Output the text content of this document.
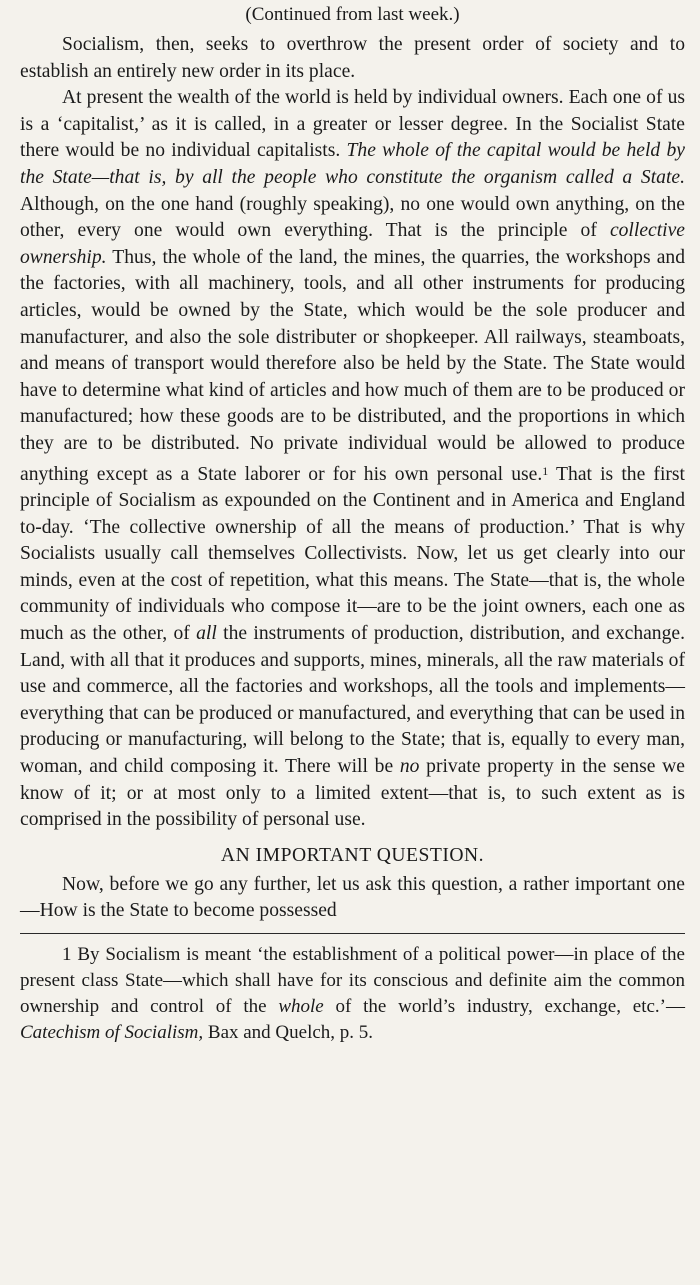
(Continued from last week.)

Socialism, then, seeks to overthrow the present order of society and to establish an entirely new order in its place.

At present the wealth of the world is held by individual owners. Each one of us is a ‘capitalist,’ as it is called, in a greater or lesser degree. In the Socialist State there would be no individual capitalists. The whole of the capital would be held by the State—that is, by all the people who constitute the organism called a State. Although, on the one hand (roughly speaking), no one would own anything, on the other, every one would own everything. That is the principle of collective ownership. Thus, the whole of the land, the mines, the quarries, the workshops and the factories, with all machinery, tools, and all other instruments for producing articles, would be owned by the State, which would be the sole producer and manufacturer, and also the sole distributer or shopkeeper. All railways, steamboats, and means of transport would therefore also be held by the State. The State would have to determine what kind of articles and how much of them are to be produced or manufactured; how these goods are to be distributed, and the proportions in which they are to be distributed. No private individual would be allowed to produce anything except as a State laborer or for his own personal use.$^1$ That is the first principle of Socialism as expounded on the Continent and in America and England to-day. ‘The collective ownership of all the means of production.’ That is why Socialists usually call themselves Collectivists. Now, let us get clearly into our minds, even at the cost of repetition, what this means. The State—that is, the whole community of individuals who compose it—are to be the joint owners, each one as much as the other, of all the instruments of production, distribution, and exchange. Land, with all that it produces and supports, mines, minerals, all the raw materials of use and commerce, all the factories and workshops, all the tools and implements—everything that can be produced or manufactured, and everything that can be used in producing or manufacturing, will belong to the State; that is, equally to every man, woman, and child composing it. There will be no private property in the sense we know of it; or at most only to a limited extent—that is, to such extent as is comprised in the possibility of personal use.

AN IMPORTANT QUESTION.

Now, before we go any further, let us ask this question, a rather important one—How is the State to become possessed

1 By Socialism is meant ‘the establishment of a political power—in place of the present class State—which shall have for its conscious and definite aim the common ownership and control of the whole of the world’s industry, exchange, etc.’—Catechism of Socialism, Bax and Quelch, p. 5.
